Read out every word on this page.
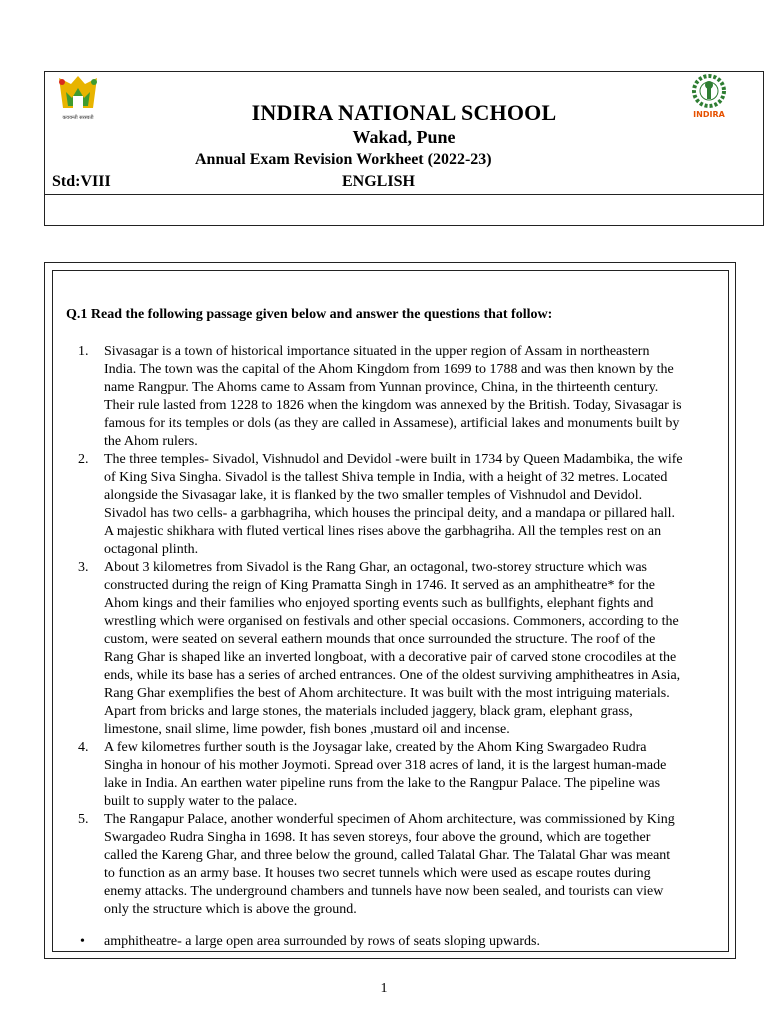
कवयन्ती सरस्वती	INDIRA NATIONAL SCHOOL
Wakad, Pune
Annual Exam Revision Workheet (2022-23)
Std:VIII	ENGLISH
INDIRA
Q.1 Read the following passage given below and answer the questions that follow:
1. Sivasagar is a town of historical importance situated in the upper region of Assam in northeastern
India. The town was the capital of the Ahom Kingdom from 1699 to 1788 and was then known by the
name Rangpur. The Ahoms came to Assam from Yunnan province, China, in the thirteenth century.
Their rule lasted from 1228 to 1826 when the kingdom was annexed by the British. Today, Sivasagar is
famous for its temples or dols (as they are called in Assamese), artificial lakes and monuments built by
the Ahom rulers.
2. The three temples- Sivadol, Vishnudol and Devidol -were built in 1734 by Queen Madambika, the wife
of King Siva Singha. Sivadol is the tallest Shiva temple in India, with a height of 32 metres. Located
alongside the Sivasagar lake, it is flanked by the two smaller temples of Vishnudol and Devidol.
Sivadol has two cells- a garbhagriha, which houses the principal deity, and a mandapa or pillared hall.
A majestic shikhara with fluted vertical lines rises above the garbhagriha. All the temples rest on an
octagonal plinth.
3. About 3 kilometres from Sivadol is the Rang Ghar, an octagonal, two-storey structure which was
constructed during the reign of King Pramatta Singh in 1746. It served as an amphitheatre* for the
Ahom kings and their families who enjoyed sporting events such as bullfights, elephant fights and
wrestling which were organised on festivals and other special occasions. Commoners, according to the
custom, were seated on several eathern mounds that once surrounded the structure. The roof of the
Rang Ghar is shaped like an inverted longboat, with a decorative pair of carved stone crocodiles at the
ends, while its base has a series of arched entrances. One of the oldest surviving amphitheatres in Asia,
Rang Ghar exemplifies the best of Ahom architecture. It was built with the most intriguing materials.
Apart from bricks and large stones, the materials included jaggery, black gram, elephant grass,
limestone, snail slime, lime powder, fish bones ,mustard oil and incense.
4. A few kilometres further south is the Joysagar lake, created by the Ahom King Swargadeo Rudra
Singha in honour of his mother Joymoti. Spread over 318 acres of land, it is the largest human-made
lake in India. An earthen water pipeline runs from the lake to the Rangpur Palace. The pipeline was
built to supply water to the palace.
5. The Rangapur Palace, another wonderful specimen of Ahom architecture, was commissioned by King
Swargadeo Rudra Singha in 1698. It has seven storeys, four above the ground, which are together
called the Kareng Ghar, and three below the ground, called Talatal Ghar. The Talatal Ghar was meant
to function as an army base. It houses two secret tunnels which were used as escape routes during
enemy attacks. The underground chambers and tunnels have now been sealed, and tourists can view
only the structure which is above the ground.
• amphitheatre- a large open area surrounded by rows of seats sloping upwards.
1
